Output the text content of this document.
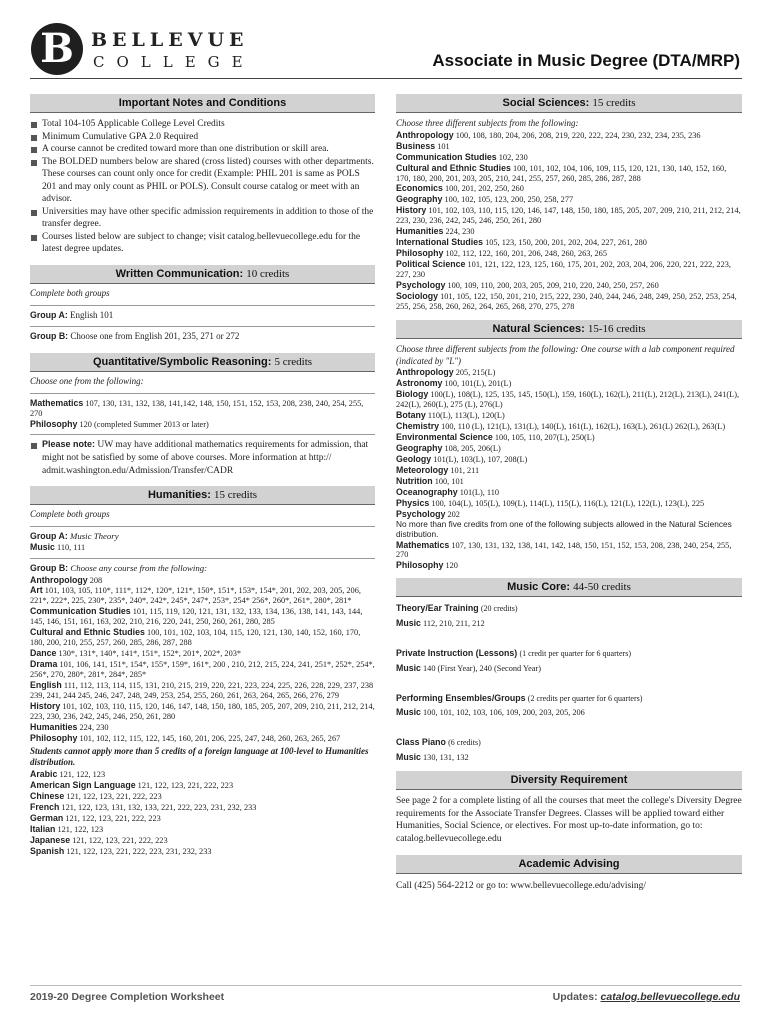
B BELLEVUE
COLLEGE	Associate in Music Degree (DTA/MRP)
Important Notes and Conditions

Total 104-105 Applicable College Level Credits

Minimum Cumulative GPA 2.0 Required

A course cannot be credited toward more than one distribution or skill area.

The BOLDED numbers below are shared (cross listed) courses with other departments. These courses can count only once for credit (Example: PHIL 201 is same as POLS 201 and may only count as PHIL or POLS). Consult course catalog or meet with an advisor.

Universities may have other specific admission requirements in addition to those of the transfer degree.

Courses listed below are subject to change; visit catalog.bellevuecollege.edu for the latest degree updates.

Written Communication: 10 credits

Complete both groups

Group A: English 101

Group B: Choose one from English 201, 235, 271 or 272

Quantitative/Symbolic Reasoning: 5 credits

Choose one from the following:

Mathematics 107, 130, 131, 132, 138, 141,142, 148, 150, 151, 152, 153, 208, 238, 240, 254, 255, 270

Philosophy 120 (completed Summer 2013 or later)

Please note: UW may have additional mathematics requirements for admission, that might not be satisfied by some of above courses. More information at http:// admit.washington.edu/Admission/Transfer/CADR

Humanities: 15 credits

Complete both groups

Group A: Music Theory

Music 110, 111

Group B: Choose any course from the following:

Anthropology 208

Art 101, 103, 105, 110*, 111*, 112*, 120*, 121*, 150*, 151*, 153*, 154*, 201, 202, 203, 205, 206, 221*, 222*, 225, 230*, 235*, 240*, 242*, 245*, 247*, 253*, 254* 256*, 260*, 261*, 280*, 281*

Communication Studies 101, 115, 119, 120, 121, 131, 132, 133, 134, 136, 138, 141, 143, 144, 145, 146, 151, 161, 163, 202, 210, 216, 220, 241, 250, 260, 261, 280, 285

Cultural and Ethnic Studies 100, 101, 102, 103, 104, 115, 120, 121, 130, 140, 152, 160, 170, 180, 200, 210, 255, 257, 260, 285, 286, 287, 288

Dance 130*, 131*, 140*, 141*, 151*, 152*, 201*, 202*, 203*

Drama 101, 106, 141, 151*, 154*, 155*, 159*, 161*, 200 , 210, 212, 215, 224, 241, 251*, 252*, 254*, 256*, 270, 280*, 281*, 284*, 285*

English 111, 112, 113, 114, 115, 131, 210, 215, 219, 220, 221, 223, 224, 225, 226, 228, 229, 237, 238 239, 241, 244 245, 246, 247, 248, 249, 253, 254, 255, 260, 261, 263, 264, 265, 266, 276, 279

History 101, 102, 103, 110, 115, 120, 146, 147, 148, 150, 180, 185, 205, 207, 209, 210, 211, 212, 214, 223, 230, 236, 242, 245, 246, 250, 261, 280

Humanities 224, 230

Philosophy 101, 102, 112, 115, 122, 145, 160, 201, 206, 225, 247, 248, 260, 263, 265, 267

Students cannot apply more than 5 credits of a foreign language at 100-level to Humanities distribution.

Arabic 121, 122, 123

American Sign Language 121, 122, 123, 221, 222, 223

Chinese 121, 122, 123, 221, 222, 223

French 121, 122, 123, 131, 132, 133, 221, 222, 223, 231, 232, 233

German 121, 122, 123, 221, 222, 223

Italian 121, 122, 123

Japanese 121, 122, 123, 221, 222, 223

Spanish 121, 122, 123, 221, 222, 223, 231, 232, 233

Social Sciences: 15 credits

Choose three different subjects from the following:

Anthropology 100, 108, 180, 204, 206, 208, 219, 220, 222, 224, 230, 232, 234, 235, 236

Business 101

Communication Studies 102, 230

Cultural and Ethnic Studies 100, 101, 102, 104, 106, 109, 115, 120, 121, 130, 140, 152, 160, 170, 180, 200, 201, 203, 205, 210, 241, 255, 257, 260, 285, 286, 287, 288

Economics 100, 201, 202, 250, 260

Geography 100, 102, 105, 123, 200, 250, 258, 277

History 101, 102, 103, 110, 115, 120, 146, 147, 148, 150, 180, 185, 205, 207, 209, 210, 211, 212, 214, 223, 230, 236, 242, 245, 246, 250, 261, 280

Humanities 224, 230

International Studies 105, 123, 150, 200, 201, 202, 204, 227, 261, 280

Philosophy 102, 112, 122, 160, 201, 206, 248, 260, 263, 265

Political Science 101, 121, 122, 123, 125, 160, 175, 201, 202, 203, 204, 206, 220, 221, 222, 223, 227, 230

Psychology 100, 109, 110, 200, 203, 205, 209, 210, 220, 240, 250, 257, 260

Sociology 101, 105, 122, 150, 201, 210, 215, 222, 230, 240, 244, 246, 248, 249, 250, 252, 253, 254, 255, 256, 258, 260, 262, 264, 265, 268, 270, 275, 278

Natural Sciences: 15-16 credits

Choose three different subjects from the following: One course with a lab component required (indicated by "L")

Anthropology 205, 215(L)

Astronomy 100, 101(L), 201(L)

Biology 100(L), 108(L), 125, 135, 145, 150(L), 159, 160(L), 162(L), 211(L), 212(L), 213(L), 241(L), 242(L), 260(L), 275 (L), 276(L)

Botany 110(L), 113(L), 120(L)

Chemistry 100, 110 (L), 121(L), 131(L), 140(L), 161(L), 162(L), 163(L), 261(L) 262(L), 263(L)

Environmental Science 100, 105, 110, 207(L), 250(L)

Geography 108, 205, 206(L)

Geology 101(L), 103(L), 107, 208(L)

Meteorology 101, 211

Nutrition 100, 101

Oceanography 101(L), 110

Physics 100, 104(L), 105(L), 109(L), 114(L), 115(L), 116(L), 121(L), 122(L), 123(L), 225

Psychology 202

No more than five credits from one of the following subjects allowed in the Natural Sciences distribution.

Mathematics 107, 130, 131, 132, 138, 141, 142, 148, 150, 151, 152, 153, 208, 238, 240, 254, 255, 270

Philosophy 120

Music Core: 44-50 credits

Theory/Ear Training (20 credits)

Music 112, 210, 211, 212

Private Instruction (Lessons) (1 credit per quarter for 6 quarters)

Music 140 (First Year), 240 (Second Year)

Performing Ensembles/Groups (2 credits per quarter for 6 quarters)

Music 100, 101, 102, 103, 106, 109, 200, 203, 205, 206

Class Piano (6 credits)

Music 130, 131, 132

Diversity Requirement

See page 2 for a complete listing of all the courses that meet the college's Diversity Degree requirements for the Associate Transfer Degrees. Classes will be applied toward either Humanities, Social Science, or electives. For most up-to-date information, go to: catalog.bellevuecollege.edu

Academic Advising

Call (425) 564-2212 or go to: www.bellevuecollege.edu/advising/

2019-20 Degree Completion Worksheet	Updates: catalog.bellevuecollege.edu
